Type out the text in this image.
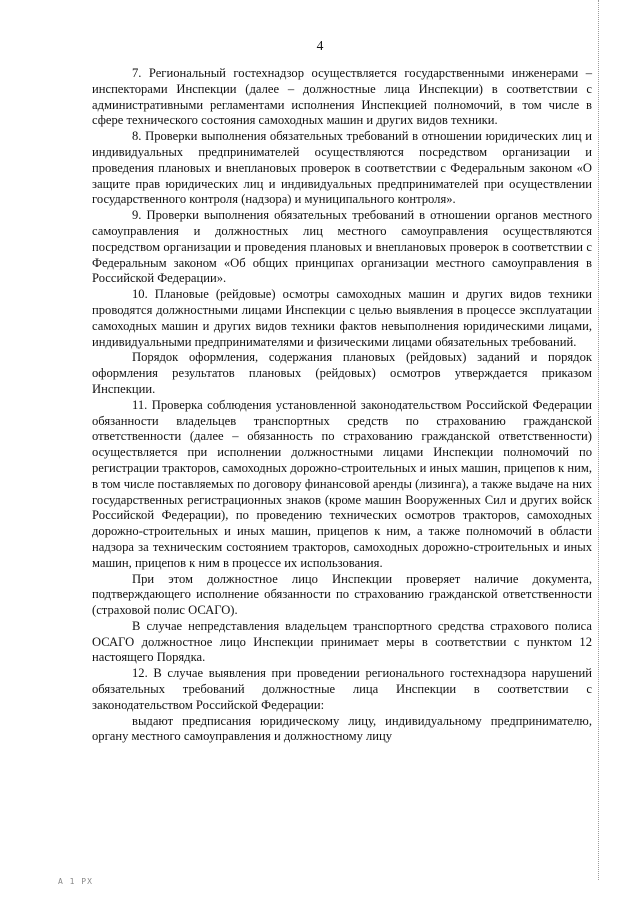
4

7. Региональный гостехнадзор осуществляется государственными инженерами – инспекторами Инспекции (далее – должностные лица Инспекции) в соответствии с административными регламентами исполнения Инспекцией полномочий, в том числе в сфере технического состояния самоходных машин и других видов техники.

8. Проверки выполнения обязательных требований в отношении юридических лиц и индивидуальных предпринимателей осуществляются посредством организации и проведения плановых и внеплановых проверок в соответствии с Федеральным законом «О защите прав юридических лиц и индивидуальных предпринимателей при осуществлении государственного контроля (надзора) и муниципального контроля».

9. Проверки выполнения обязательных требований в отношении органов местного самоуправления и должностных лиц местного самоуправления осуществляются посредством организации и проведения плановых и внеплановых проверок в соответствии с Федеральным законом «Об общих принципах организации местного самоуправления в Российской Федерации».

10. Плановые (рейдовые) осмотры самоходных машин и других видов техники проводятся должностными лицами Инспекции с целью выявления в процессе эксплуатации самоходных машин и других видов техники фактов невыполнения юридическими лицами, индивидуальными предпринимателями и физическими лицами обязательных требований.

Порядок оформления, содержания плановых (рейдовых) заданий и порядок оформления результатов плановых (рейдовых) осмотров утверждается приказом Инспекции.

11. Проверка соблюдения установленной законодательством Российской Федерации обязанности владельцев транспортных средств по страхованию гражданской ответственности (далее – обязанность по страхованию гражданской ответственности) осуществляется при исполнении должностными лицами Инспекции полномочий по регистрации тракторов, самоходных дорожно-строительных и иных машин, прицепов к ним, в том числе поставляемых по договору финансовой аренды (лизинга), а также выдаче на них государственных регистрационных знаков (кроме машин Вооруженных Сил и других войск Российской Федерации), по проведению технических осмотров тракторов, самоходных дорожно-строительных и иных машин, прицепов к ним, а также полномочий в области надзора за техническим состоянием тракторов, самоходных дорожно-строительных и иных машин, прицепов к ним в процессе их использования.

При этом должностное лицо Инспекции проверяет наличие документа, подтверждающего исполнение обязанности по страхованию гражданской ответственности (страховой полис ОСАГО).

В случае непредставления владельцем транспортного средства страхового полиса ОСАГО должностное лицо Инспекции принимает меры в соответствии с пунктом 12 настоящего Порядка.

12. В случае выявления при проведении регионального гостехнадзора нарушений обязательных требований должностные лица Инспекции в соответствии с законодательством Российской Федерации:

выдают предписания юридическому лицу, индивидуальному предпринимателю, органу местного самоуправления и должностному лицу

А 1 РХ
